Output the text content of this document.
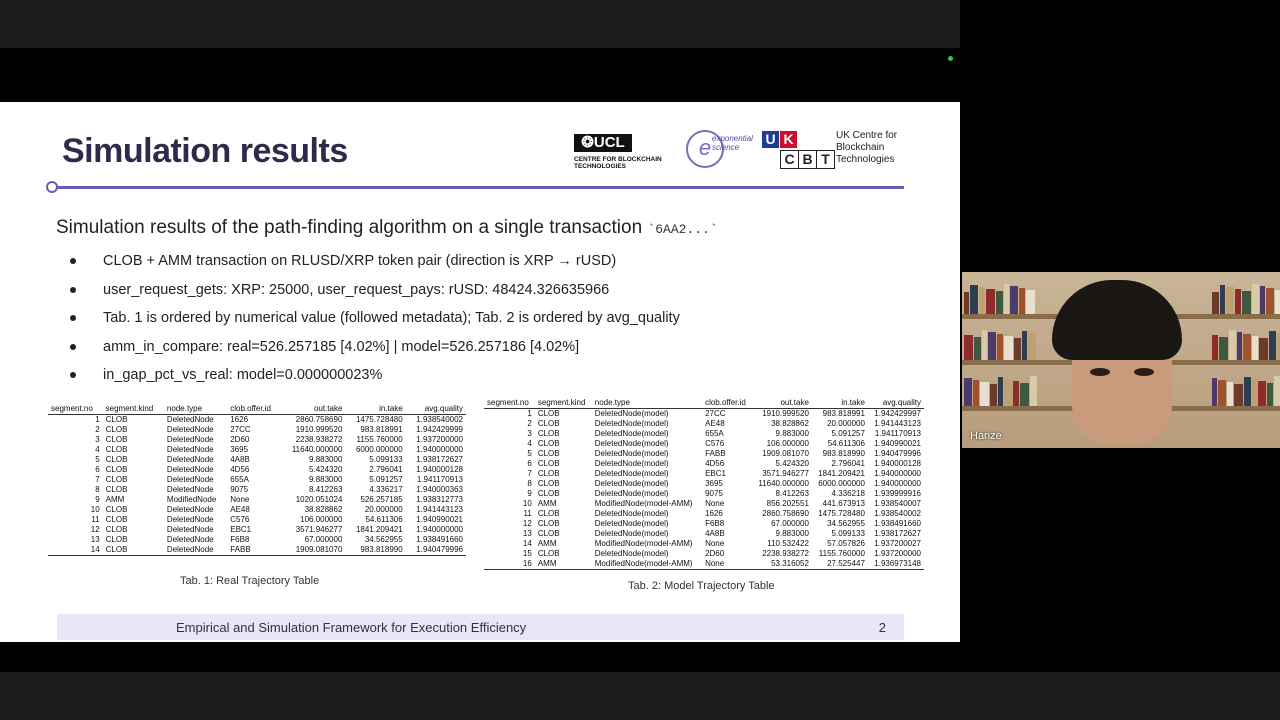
Simulation results	❂UCL
CENTRE FOR BLOCKCHAIN TECHNOLOGIES
e exponential science
U K
C B T
UK Centre for Blockchain Technologies
Simulation results of the path-finding algorithm on a single transaction `6AA2...`
CLOB + AMM transaction on RLUSD/XRP token pair (direction is XRP → rUSD)
user_request_gets: XRP: 25000, user_request_pays: rUSD: 48424.326635966
Tab. 1 is ordered by numerical value (followed metadata); Tab. 2 is ordered by avg_quality
amm_in_compare: real=526.257185 [4.02%] | model=526.257186 [4.02%]
in_gap_pct_vs_real: model=0.000000023%
segment.no	segment.kind	node.type	clob.offer.id	out.take	in.take	avg.quality
1	CLOB	DeletedNode	1626	2860.758690	1475.728480	1.938540002
2	CLOB	DeletedNode	27CC	1910.999520	983.818991	1.942429999
3	CLOB	DeletedNode	2D60	2238.938272	1155.760000	1.937200000
4	CLOB	DeletedNode	3695	11640.000000	6000.000000	1.940000000
5	CLOB	DeletedNode	4A8B	9.883000	5.099133	1.938172627
6	CLOB	DeletedNode	4D56	5.424320	2.796041	1.940000128
7	CLOB	DeletedNode	655A	9.883000	5.091257	1.941170913
8	CLOB	DeletedNode	9075	8.412263	4.336217	1.940000363
9	AMM	ModifiedNode	None	1020.051024	526.257185	1.938312773
10	CLOB	DeletedNode	AE48	38.828862	20.000000	1.941443123
11	CLOB	DeletedNode	C576	106.000000	54.611306	1.940990021
12	CLOB	DeletedNode	EBC1	3571.946277	1841.209421	1.940000000
13	CLOB	DeletedNode	F6B8	67.000000	34.562955	1.938491660
14	CLOB	DeletedNode	FABB	1909.081070	983.818990	1.940479996
Tab. 1: Real Trajectory Table
segment.no	segment.kind	node.type	clob.offer.id	out.take	in.take	avg.quality
1	CLOB	DeletedNode(model)	27CC	1910.999520	983.818991	1.942429997
2	CLOB	DeletedNode(model)	AE48	38.828862	20.000000	1.941443123
3	CLOB	DeletedNode(model)	655A	9.883000	5.091257	1.941170913
4	CLOB	DeletedNode(model)	C576	106.000000	54.611306	1.940990021
5	CLOB	DeletedNode(model)	FABB	1909.081070	983.818990	1.940479996
6	CLOB	DeletedNode(model)	4D56	5.424320	2.796041	1.940000128
7	CLOB	DeletedNode(model)	EBC1	3571.946277	1841.209421	1.940000000
8	CLOB	DeletedNode(model)	3695	11640.000000	6000.000000	1.940000000
9	CLOB	DeletedNode(model)	9075	8.412263	4.336218	1.939999916
10	AMM	ModifiedNode(model-AMM)	None	856.202551	441.673913	1.938540007
11	CLOB	DeletedNode(model)	1626	2860.758690	1475.728480	1.938540002
12	CLOB	DeletedNode(model)	F6B8	67.000000	34.562955	1.938491660
13	CLOB	DeletedNode(model)	4A8B	9.883000	5.099133	1.938172627
14	AMM	ModifiedNode(model-AMM)	None	110.532422	57.057826	1.937200027
15	CLOB	DeletedNode(model)	2D60	2238.938272	1155.760000	1.937200000
16	AMM	ModifiedNode(model-AMM)	None	53.316052	27.525447	1.936973148
Tab. 2: Model Trajectory Table
Empirical and Simulation Framework for Execution Efficiency	2
Hanze
